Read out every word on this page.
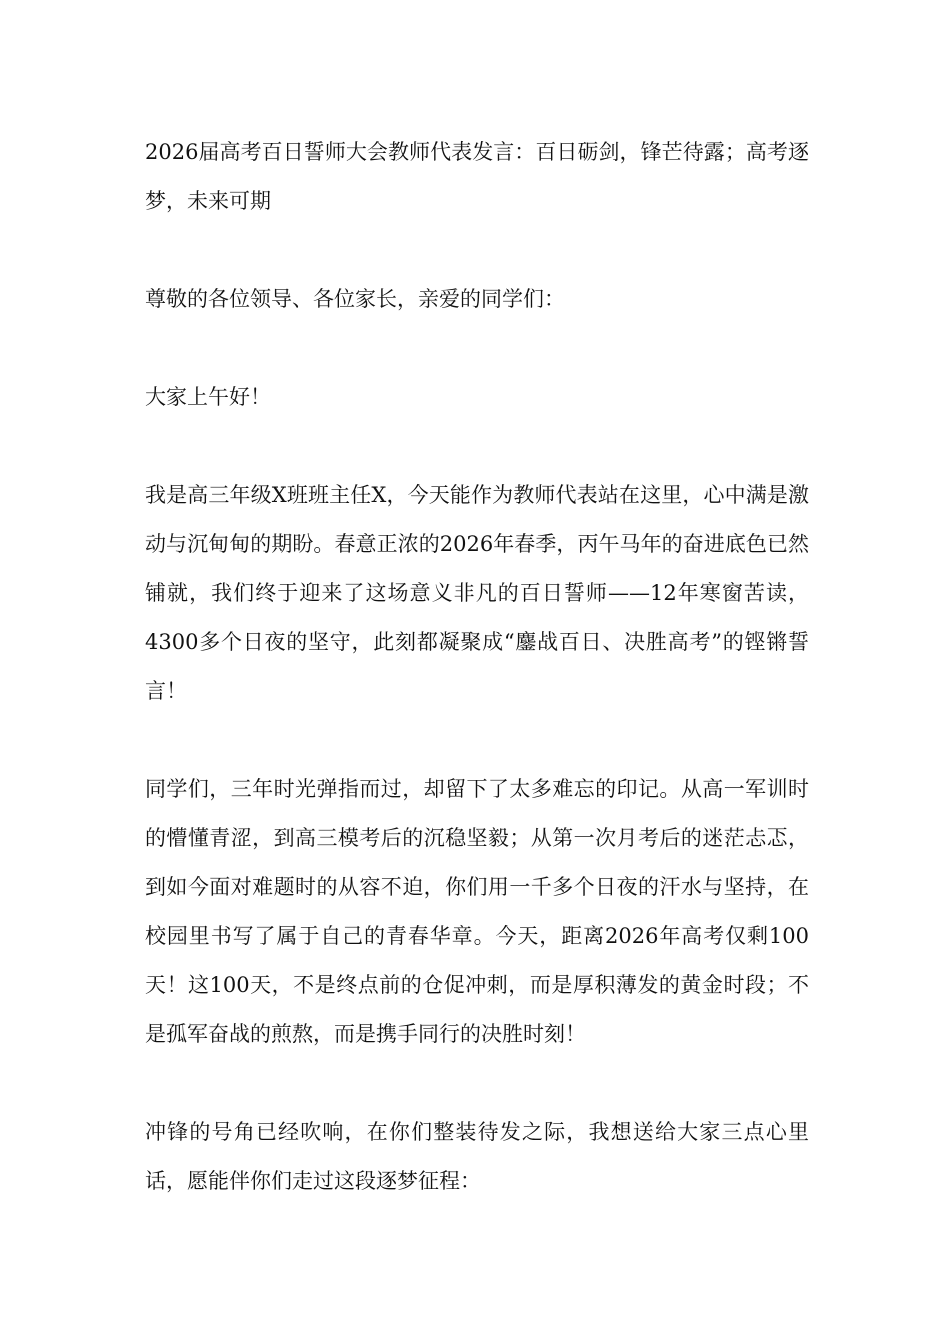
2026届高考百日誓师大会教师代表发言：百日砺剑，锋芒待露；高考逐梦，未来可期

尊敬的各位领导、各位家长，亲爱的同学们：

大家上午好！

我是高三年级X班班主任X，今天能作为教师代表站在这里，心中满是激动与沉甸甸的期盼。春意正浓的2026年春季，丙午马年的奋进底色已然铺就，我们终于迎来了这场意义非凡的百日誓师——12年寒窗苦读，4300多个日夜的坚守，此刻都凝聚成“鏖战百日、决胜高考”的铿锵誓言！

同学们，三年时光弹指而过，却留下了太多难忘的印记。从高一军训时的懵懂青涩，到高三模考后的沉稳坚毅；从第一次月考后的迷茫忐忑，到如今面对难题时的从容不迫，你们用一千多个日夜的汗水与坚持，在校园里书写了属于自己的青春华章。今天，距离2026年高考仅剩100天！这100天，不是终点前的仓促冲刺，而是厚积薄发的黄金时段；不是孤军奋战的煎熬，而是携手同行的决胜时刻！

冲锋的号角已经吹响，在你们整装待发之际，我想送给大家三点心里话，愿能伴你们走过这段逐梦征程：
